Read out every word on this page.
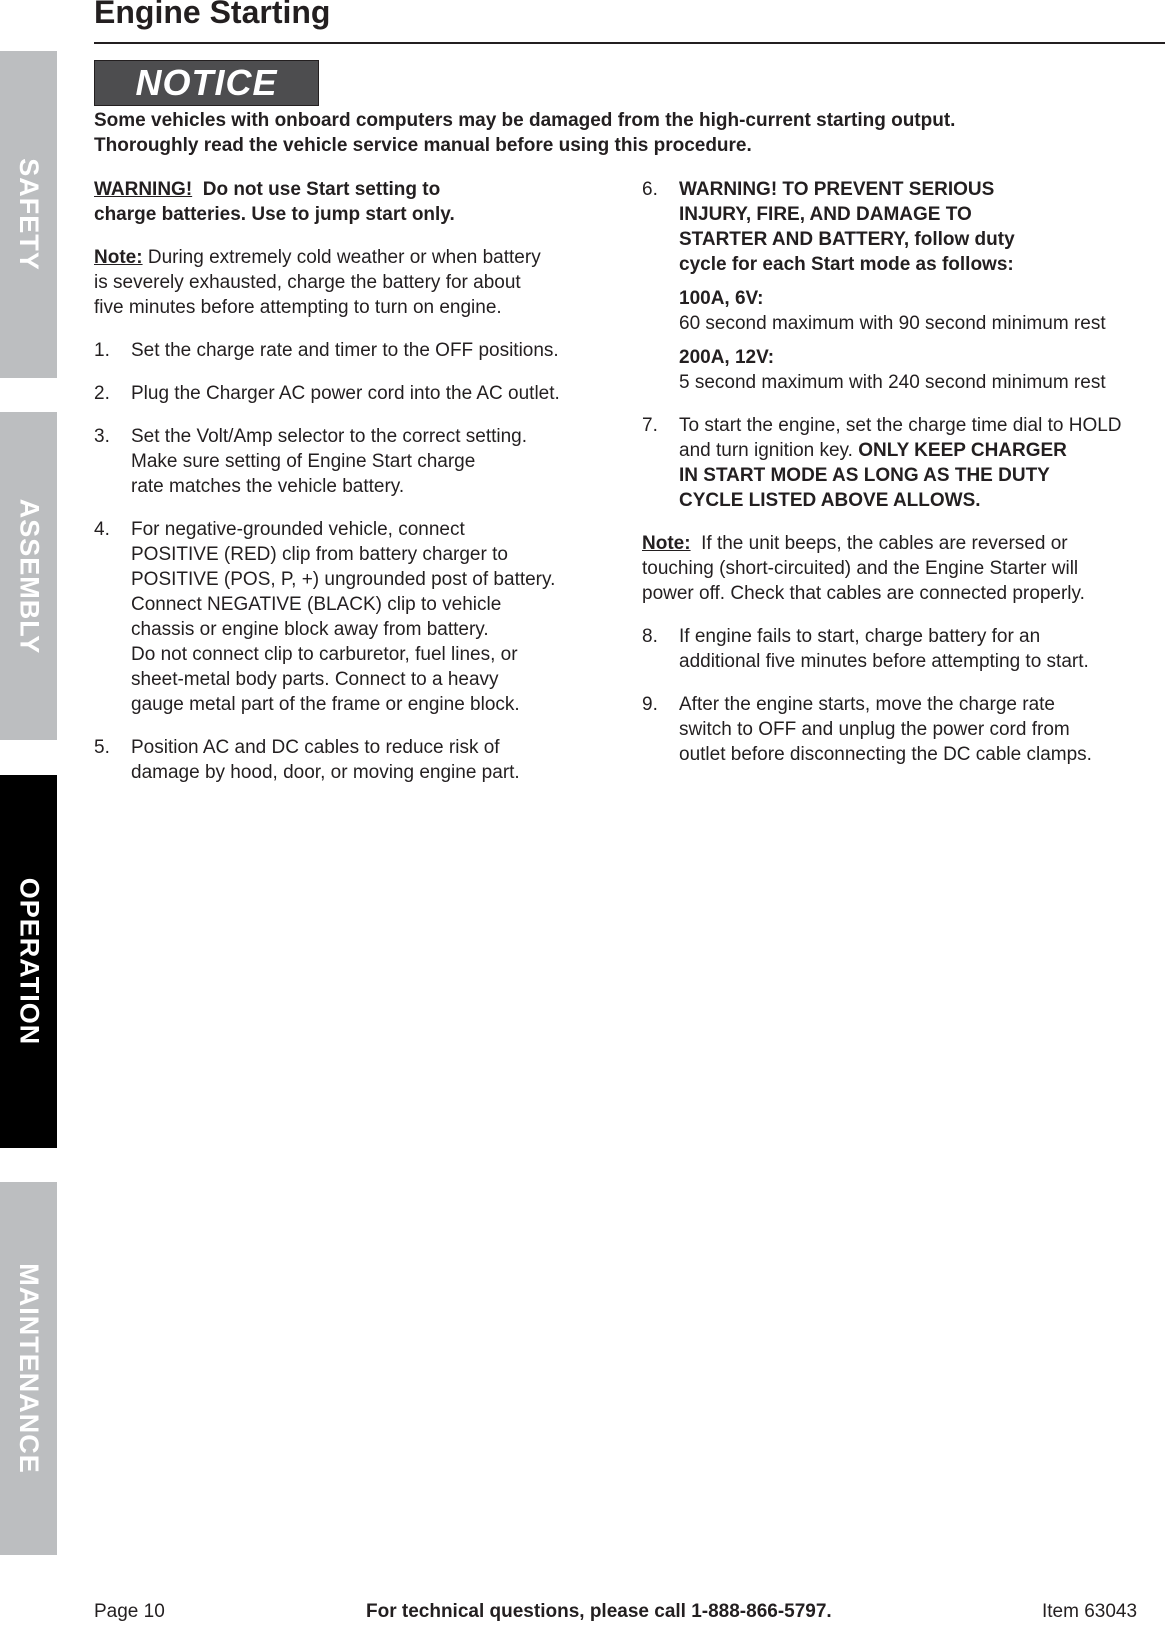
SAFETY
ASSEMBLY
OPERATION
MAINTENANCE
Engine Starting
NOTICE
Some vehicles with onboard computers may be damaged from the high-current starting output.
Thoroughly read the vehicle service manual before using this procedure.

WARNING! Do not use Start setting to
charge batteries. Use to jump start only.

Note: During extremely cold weather or when battery
is severely exhausted, charge the battery for about
five minutes before attempting to turn on engine.

1.	Set the charge rate and timer to the OFF positions.
2.	Plug the Charger AC power cord into the AC outlet.
3.	Set the Volt/Amp selector to the correct setting.
Make sure setting of Engine Start charge
rate matches the vehicle battery.
4.	For negative-grounded vehicle, connect
POSITIVE (RED) clip from battery charger to
POSITIVE (POS, P, +) ungrounded post of battery.
Connect NEGATIVE (BLACK) clip to vehicle
chassis or engine block away from battery.
Do not connect clip to carburetor, fuel lines, or
sheet-metal body parts. Connect to a heavy
gauge metal part of the frame or engine block.
5.	Position AC and DC cables to reduce risk of
damage by hood, door, or moving engine part.
6.	WARNING! TO PREVENT SERIOUS
INJURY, FIRE, AND DAMAGE TO
STARTER AND BATTERY, follow duty
cycle for each Start mode as follows:
100A, 6V:
60 second maximum with 90 second minimum rest
200A, 12V:
5 second maximum with 240 second minimum rest
7.	To start the engine, set the charge time dial to HOLD
and turn ignition key. ONLY KEEP CHARGER
IN START MODE AS LONG AS THE DUTY
CYCLE LISTED ABOVE ALLOWS.

Note: If the unit beeps, the cables are reversed or
touching (short-circuited) and the Engine Starter will
power off. Check that cables are connected properly.

8.	If engine fails to start, charge battery for an
additional five minutes before attempting to start.
9.	After the engine starts, move the charge rate
switch to OFF and unplug the power cord from
outlet before disconnecting the DC cable clamps.
Page 10	For technical questions, please call 1-888-866-5797.	Item 63043
